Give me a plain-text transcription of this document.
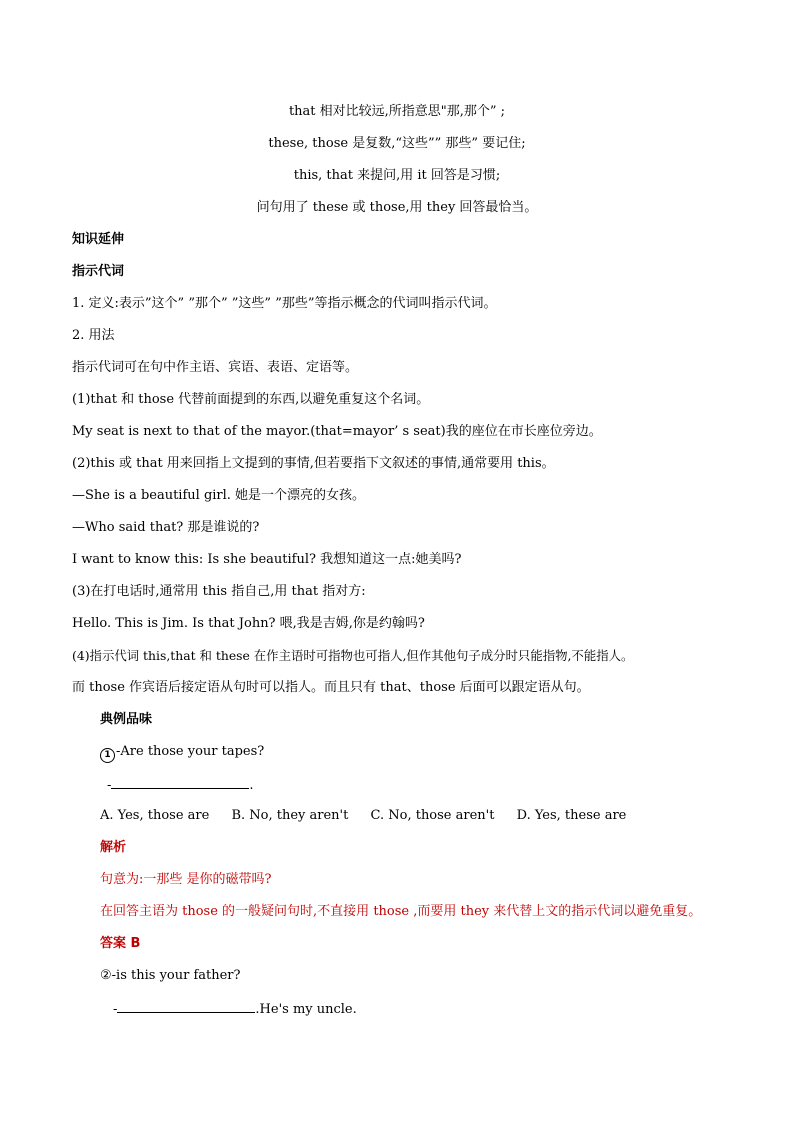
that 相对比较远,所指意思"那,那个” ;
these, those 是复数,“这些”” 那些” 要记住;
this, that 来提问,用 it 回答是习惯;
问句用了 these 或 those,用 they 回答最恰当。
知识延伸
指示代词
1. 定义:表示”这个” ”那个” ”这些” ”那些”等指示概念的代词叫指示代词。
2. 用法
指示代词可在句中作主语、宾语、表语、定语等。
(1)that 和 those 代替前面提到的东西,以避免重复这个名词。
My seat is next to that of the mayor.(that=mayor’ s seat)我的座位在市长座位旁边。
(2)this 或 that 用来回指上文提到的事情,但若要指下文叙述的事情,通常要用 this。
—She is a beautiful girl. 她是一个漂亮的女孩。
—Who said that? 那是谁说的?
I want to know this: Is she beautiful? 我想知道这一点:她美吗?
(3)在打电话时,通常用 this 指自己,用 that 指对方:
Hello. This is Jim. Is that John? 喂,我是吉姆,你是约翰吗?
(4)指示代词 this,that 和 these 在作主语时可指物也可指人,但作其他句子成分时只能指物,不能指人。
而 those 作宾语后接定语从句时可以指人。而且只有 that、those 后面可以跟定语从句。
典例品味
1 -Are those your tapes?
-	.
A. Yes, those are B. No, they aren't C. No, those aren't D. Yes, these are
解析
句意为:一那些 是你的磁带吗?
在回答主语为 those 的一般疑问句时,不直接用 those ,而要用 they 来代替上文的指示代词以避免重复。
答案 B
②-is this your father?
-	.He's my uncle.
